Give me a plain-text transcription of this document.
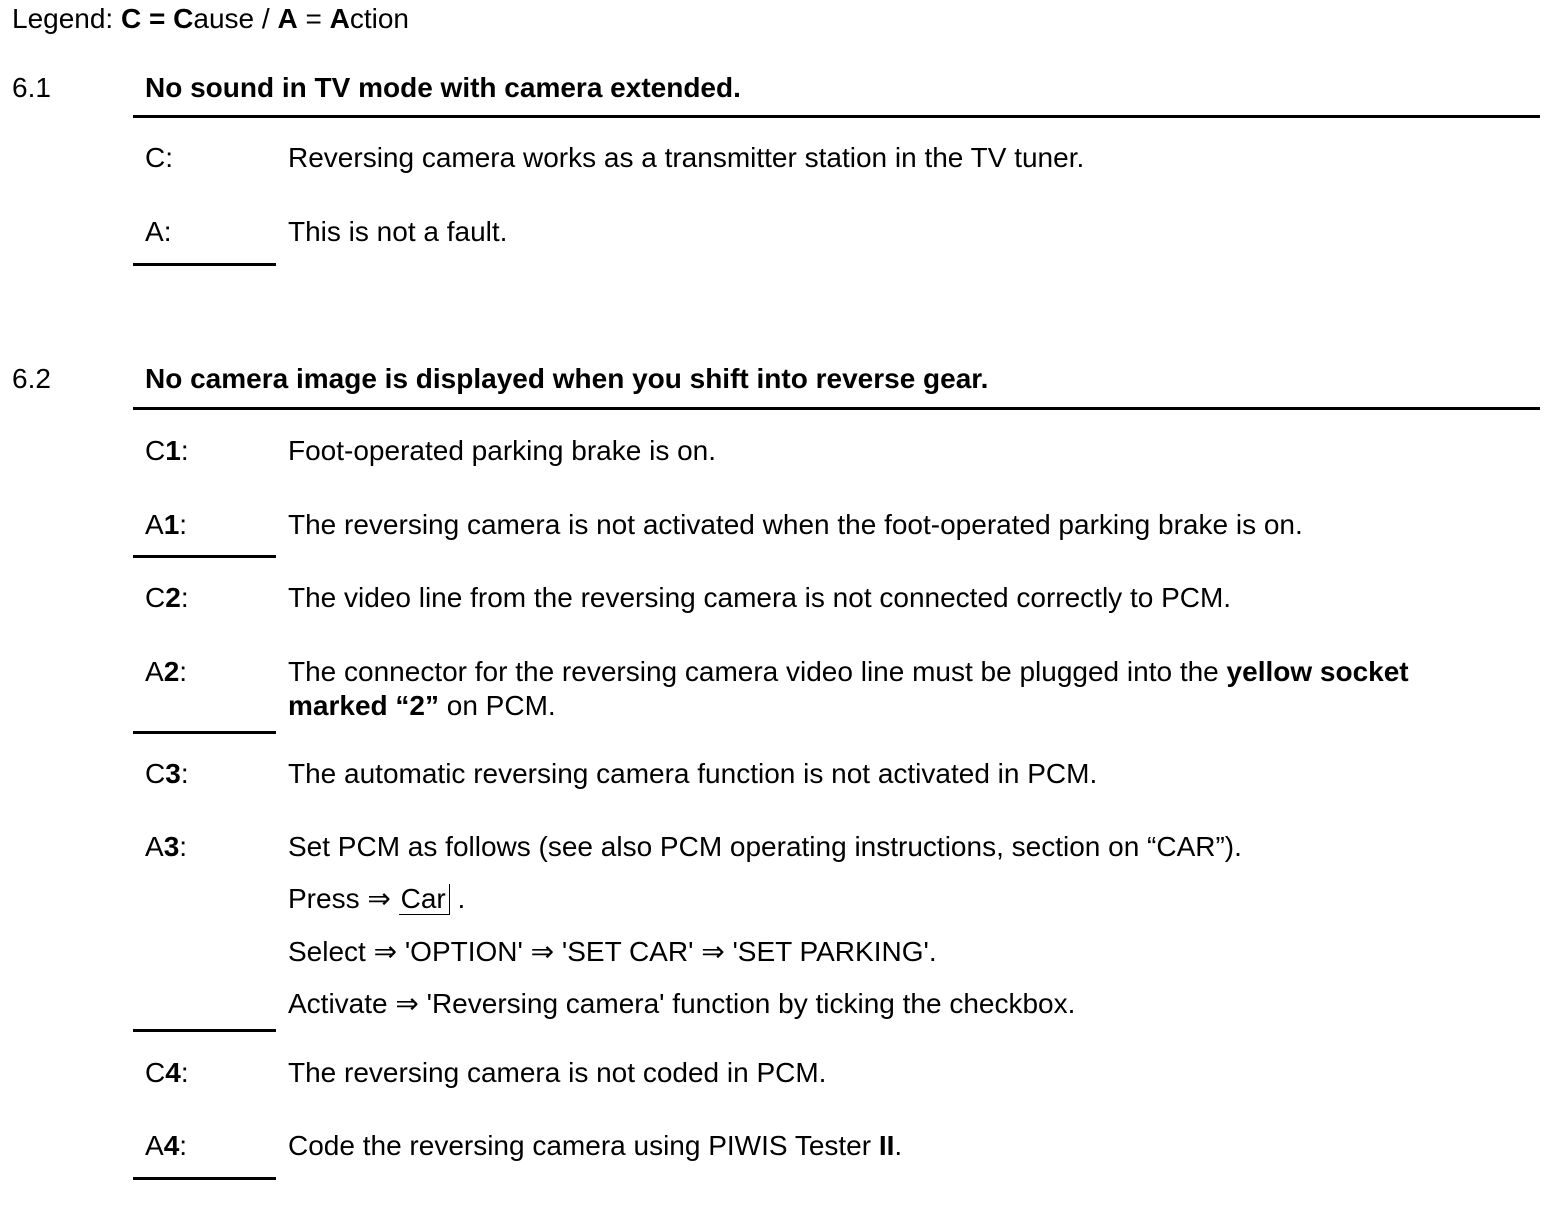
Legend: C = Cause / A = Action
6.1	No sound in TV mode with camera extended.
C:	Reversing camera works as a transmitter station in the TV tuner.
A:	This is not a fault.
6.2	No camera image is displayed when you shift into reverse gear.
C1:	Foot-operated parking brake is on.
A1:	The reversing camera is not activated when the foot-operated parking brake is on.
C2:	The video line from the reversing camera is not connected correctly to PCM.
A2:	The connector for the reversing camera video line must be plugged into the yellow socket
marked “2” on PCM.
C3:	The automatic reversing camera function is not activated in PCM.
A3:	Set PCM as follows (see also PCM operating instructions, section on “CAR”).
Press ⇒ Car .
Select ⇒ 'OPTION' ⇒ 'SET CAR' ⇒ 'SET PARKING'.
Activate ⇒ 'Reversing camera' function by ticking the checkbox.
C4:	The reversing camera is not coded in PCM.
A4:	Code the reversing camera using PIWIS Tester II.
